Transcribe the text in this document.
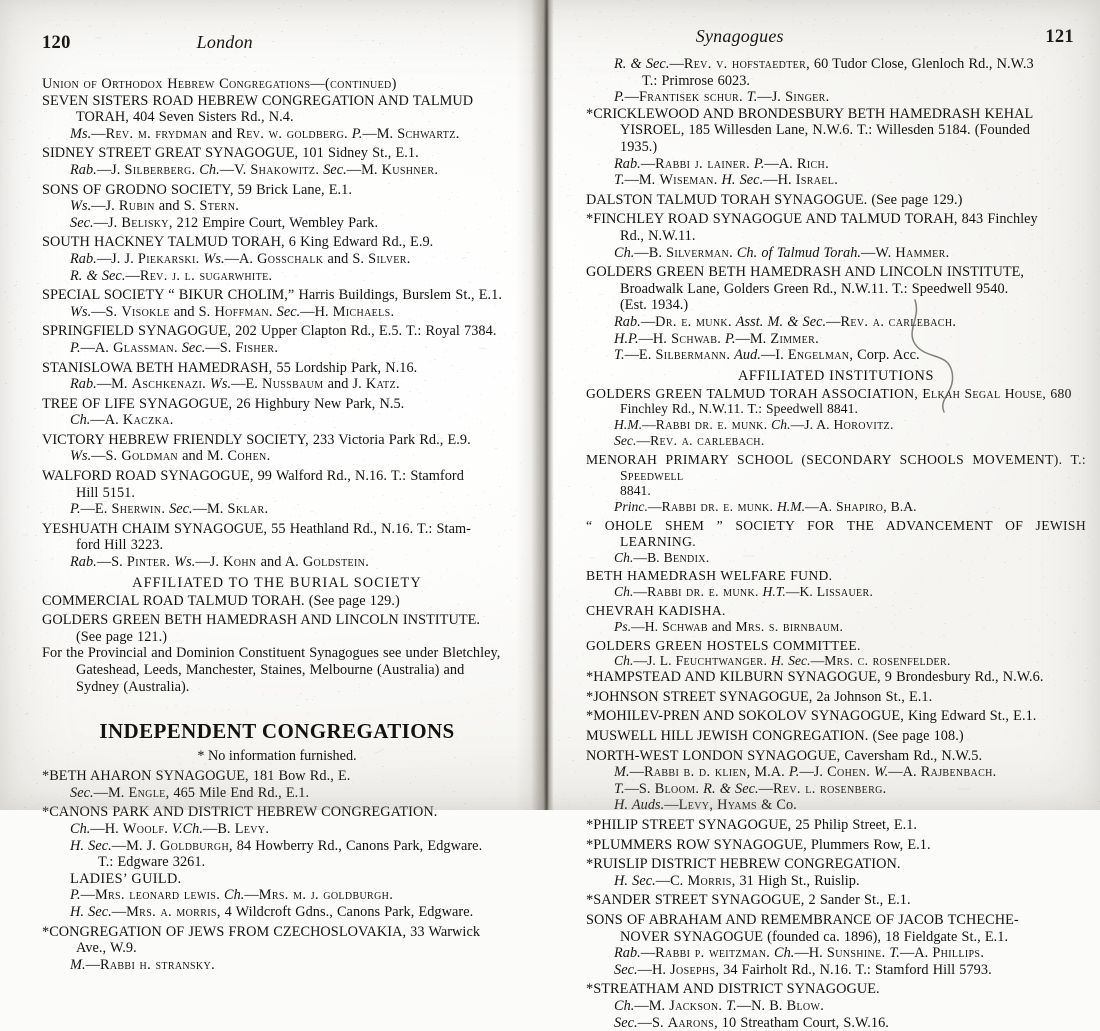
120	London

Union of Orthodox Hebrew Congregations—(continued)

SEVEN SISTERS ROAD HEBREW CONGREGATION AND TALMUD

TORAH, 404 Seven Sisters Rd., N.4.

Ms.—Rev. m. frydman and Rev. w. goldberg. P.—M. Schwartz.

SIDNEY STREET GREAT SYNAGOGUE, 101 Sidney St., E.1.

Rab.—J. Silberberg. Ch.—V. Shakowitz. Sec.—M. Kushner.

SONS OF GRODNO SOCIETY, 59 Brick Lane, E.1.

Ws.—J. Rubin and S. Stern.

Sec.—J. Belisky, 212 Empire Court, Wembley Park.

SOUTH HACKNEY TALMUD TORAH, 6 King Edward Rd., E.9.

Rab.—J. J. Piekarski. Ws.—A. Gosschalk and S. Silver.

R. & Sec.—Rev. j. l. sugarwhite.

SPECIAL SOCIETY “ BIKUR CHOLIM,” Harris Buildings, Burslem St., E.1.

Ws.—S. Visokle and S. Hoffman. Sec.—H. Michaels.

SPRINGFIELD SYNAGOGUE, 202 Upper Clapton Rd., E.5. T.: Royal 7384.

P.—A. Glassman. Sec.—S. Fisher.

STANISLOWA BETH HAMEDRASH, 55 Lordship Park, N.16.

Rab.—M. Aschkenazi. Ws.—E. Nussbaum and J. Katz.

TREE OF LIFE SYNAGOGUE, 26 Highbury New Park, N.5.

Ch.—A. Kaczka.

VICTORY HEBREW FRIENDLY SOCIETY, 233 Victoria Park Rd., E.9.

Ws.—S. Goldman and M. Cohen.

WALFORD ROAD SYNAGOGUE, 99 Walford Rd., N.16. T.: Stamford

Hill 5151.

P.—E. Sherwin. Sec.—M. Sklar.

YESHUATH CHAIM SYNAGOGUE, 55 Heathland Rd., N.16. T.: Stam-

ford Hill 3223.

Rab.—S. Pinter. Ws.—J. Kohn and A. Goldstein.

AFFILIATED TO THE BURIAL SOCIETY

COMMERCIAL ROAD TALMUD TORAH. (See page 129.)

GOLDERS GREEN BETH HAMEDRASH AND LINCOLN INSTITUTE.

(See page 121.)

For the Provincial and Dominion Constituent Synagogues see under Bletchley,

Gateshead, Leeds, Manchester, Staines, Melbourne (Australia) and

Sydney (Australia).

INDEPENDENT CONGREGATIONS

* No information furnished.

*BETH AHARON SYNAGOGUE, 181 Bow Rd., E.

Sec.—M. Engle, 465 Mile End Rd., E.1.

*CANONS PARK AND DISTRICT HEBREW CONGREGATION.

Ch.—H. Woolf. V.Ch.—B. Levy.

H. Sec.—M. J. Goldburgh, 84 Howberry Rd., Canons Park, Edgware.

T.: Edgware 3261.

LADIES’ GUILD.

P.—Mrs. leonard lewis. Ch.—Mrs. m. j. goldburgh.

H. Sec.—Mrs. a. morris, 4 Wildcroft Gdns., Canons Park, Edgware.

*CONGREGATION OF JEWS FROM CZECHOSLOVAKIA, 33 Warwick

Ave., W.9.

M.—Rabbi h. stransky.

Synagogues	121

R. & Sec.—Rev. v. hofstaedter, 60 Tudor Close, Glenloch Rd., N.W.3

T.: Primrose 6023.

P.—Frantisek schur. T.—J. Singer.

*CRICKLEWOOD AND BRONDESBURY BETH HAMEDRASH KEHAL

YISROEL, 185 Willesden Lane, N.W.6. T.: Willesden 5184. (Founded

1935.)

Rab.—Rabbi j. lainer. P.—A. Rich.

T.—M. Wiseman. H. Sec.—H. Israel.

DALSTON TALMUD TORAH SYNAGOGUE. (See page 129.)

*FINCHLEY ROAD SYNAGOGUE AND TALMUD TORAH, 843 Finchley

Rd., N.W.11.

Ch.—B. Silverman. Ch. of Talmud Torah.—W. Hammer.

GOLDERS GREEN BETH HAMEDRASH AND LINCOLN INSTITUTE,

Broadwalk Lane, Golders Green Rd., N.W.11. T.: Speedwell 9540.

(Est. 1934.)

Rab.—Dr. e. munk. Asst. M. & Sec.—Rev. a. carlebach.

H.P.—H. Schwab. P.—M. Zimmer.

T.—E. Silbermann. Aud.—I. Engelman, Corp. Acc.

AFFILIATED INSTITUTIONS

GOLDERS GREEN TALMUD TORAH ASSOCIATION, Elkah Segal House, 680

Finchley Rd., N.W.11. T.: Speedwell 8841.

H.M.—Rabbi dr. e. munk. Ch.—J. A. Horovitz.

Sec.—Rev. a. carlebach.

MENORAH PRIMARY SCHOOL (SECONDARY SCHOOLS MOVEMENT). T.: Speedwell

8841.

Princ.—Rabbi dr. e. munk. H.M.—A. Shapiro, B.A.

“ OHOLE SHEM ” SOCIETY FOR THE ADVANCEMENT OF JEWISH LEARNING.

Ch.—B. Bendix.

BETH HAMEDRASH WELFARE FUND.

Ch.—Rabbi dr. e. munk. H.T.—K. Lissauer.

CHEVRAH KADISHA.

Ps.—H. Schwab and Mrs. s. birnbaum.

GOLDERS GREEN HOSTELS COMMITTEE.

Ch.—J. L. Feuchtwanger. H. Sec.—Mrs. c. rosenfelder.

*HAMPSTEAD AND KILBURN SYNAGOGUE, 9 Brondesbury Rd., N.W.6.

*JOHNSON STREET SYNAGOGUE, 2a Johnson St., E.1.

*MOHILEV-PREN AND SOKOLOV SYNAGOGUE, King Edward St., E.1.

MUSWELL HILL JEWISH CONGREGATION. (See page 108.)

NORTH-WEST LONDON SYNAGOGUE, Caversham Rd., N.W.5.

M.—Rabbi b. d. klien, M.A. P.—J. Cohen. W.—A. Rajbenbach.

T.—S. Bloom. R. & Sec.—Rev. l. rosenberg.

H. Auds.—Levy, Hyams & Co.

*PHILIP STREET SYNAGOGUE, 25 Philip Street, E.1.

*PLUMMERS ROW SYNAGOGUE, Plummers Row, E.1.

*RUISLIP DISTRICT HEBREW CONGREGATION.

H. Sec.—C. Morris, 31 High St., Ruislip.

*SANDER STREET SYNAGOGUE, 2 Sander St., E.1.

SONS OF ABRAHAM AND REMEMBRANCE OF JACOB TCHECHE-

NOVER SYNAGOGUE (founded ca. 1896), 18 Fieldgate St., E.1.

Rab.—Rabbi p. weitzman. Ch.—H. Sunshine. T.—A. Phillips.

Sec.—H. Josephs, 34 Fairholt Rd., N.16. T.: Stamford Hill 5793.

*STREATHAM AND DISTRICT SYNAGOGUE.

Ch.—M. Jackson. T.—N. B. Blow.

Sec.—S. Aarons, 10 Streatham Court, S.W.16.
